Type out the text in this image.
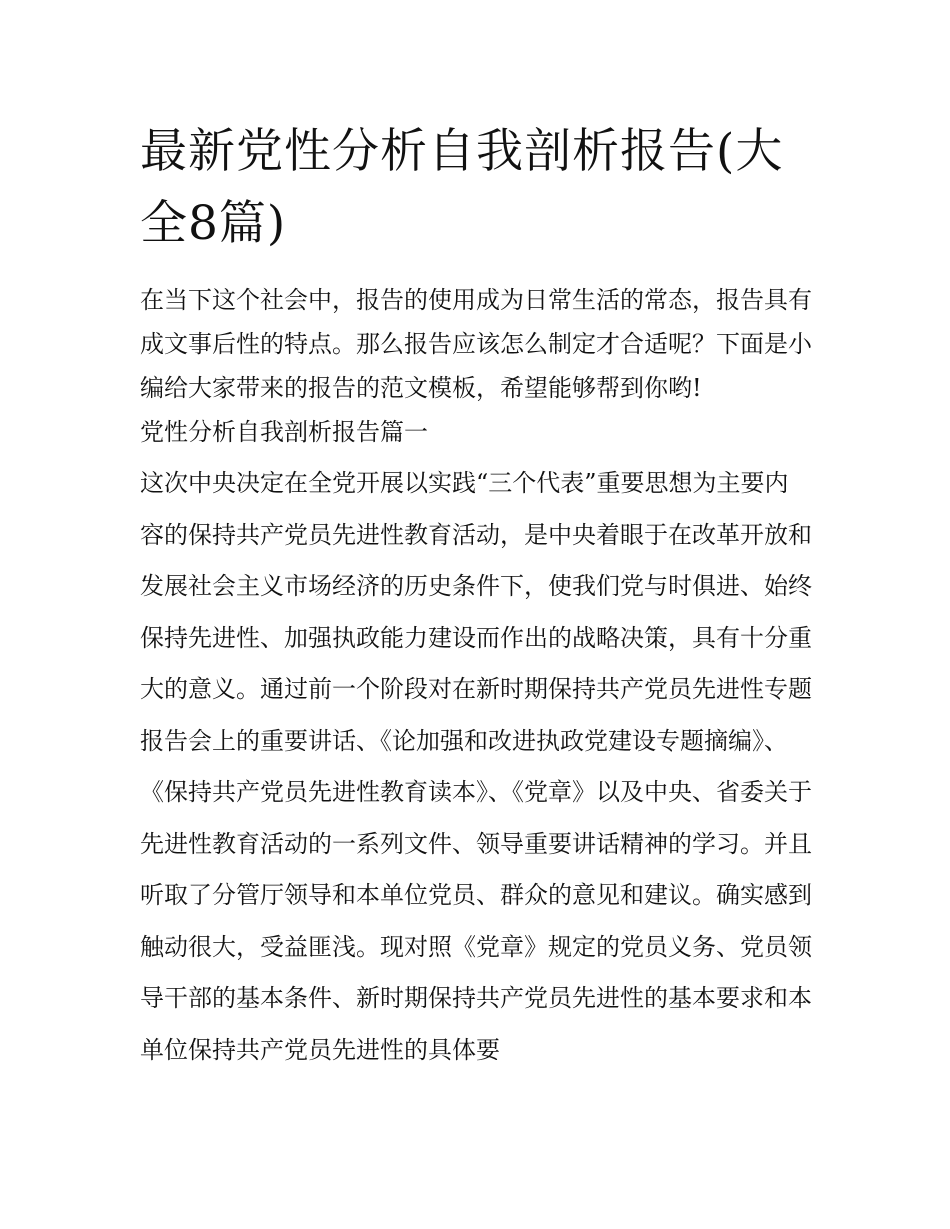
最新党性分析自我剖析报告(大全8篇)

在当下这个社会中，报告的使用成为日常生活的常态，报告具有成文事后性的特点。那么报告应该怎么制定才合适呢？下面是小编给大家带来的报告的范文模板，希望能够帮到你哟!

党性分析自我剖析报告篇一

这次中央决定在全党开展以实践“三个代表”重要思想为主要内容的保持共产党员先进性教育活动，是中央着眼于在改革开放和发展社会主义市场经济的历史条件下，使我们党与时俱进、始终保持先进性、加强执政能力建设而作出的战略决策，具有十分重大的意义。通过前一个阶段对在新时期保持共产党员先进性专题报告会上的重要讲话、《论加强和改进执政党建设专题摘编》、《保持共产党员先进性教育读本》、《党章》以及中央、省委关于先进性教育活动的一系列文件、领导重要讲话精神的学习。并且听取了分管厅领导和本单位党员、群众的意见和建议。确实感到触动很大，受益匪浅。现对照《党章》规定的党员义务、党员领导干部的基本条件、新时期保持共产党员先进性的基本要求和本单位保持共产党员先进性的具体要
